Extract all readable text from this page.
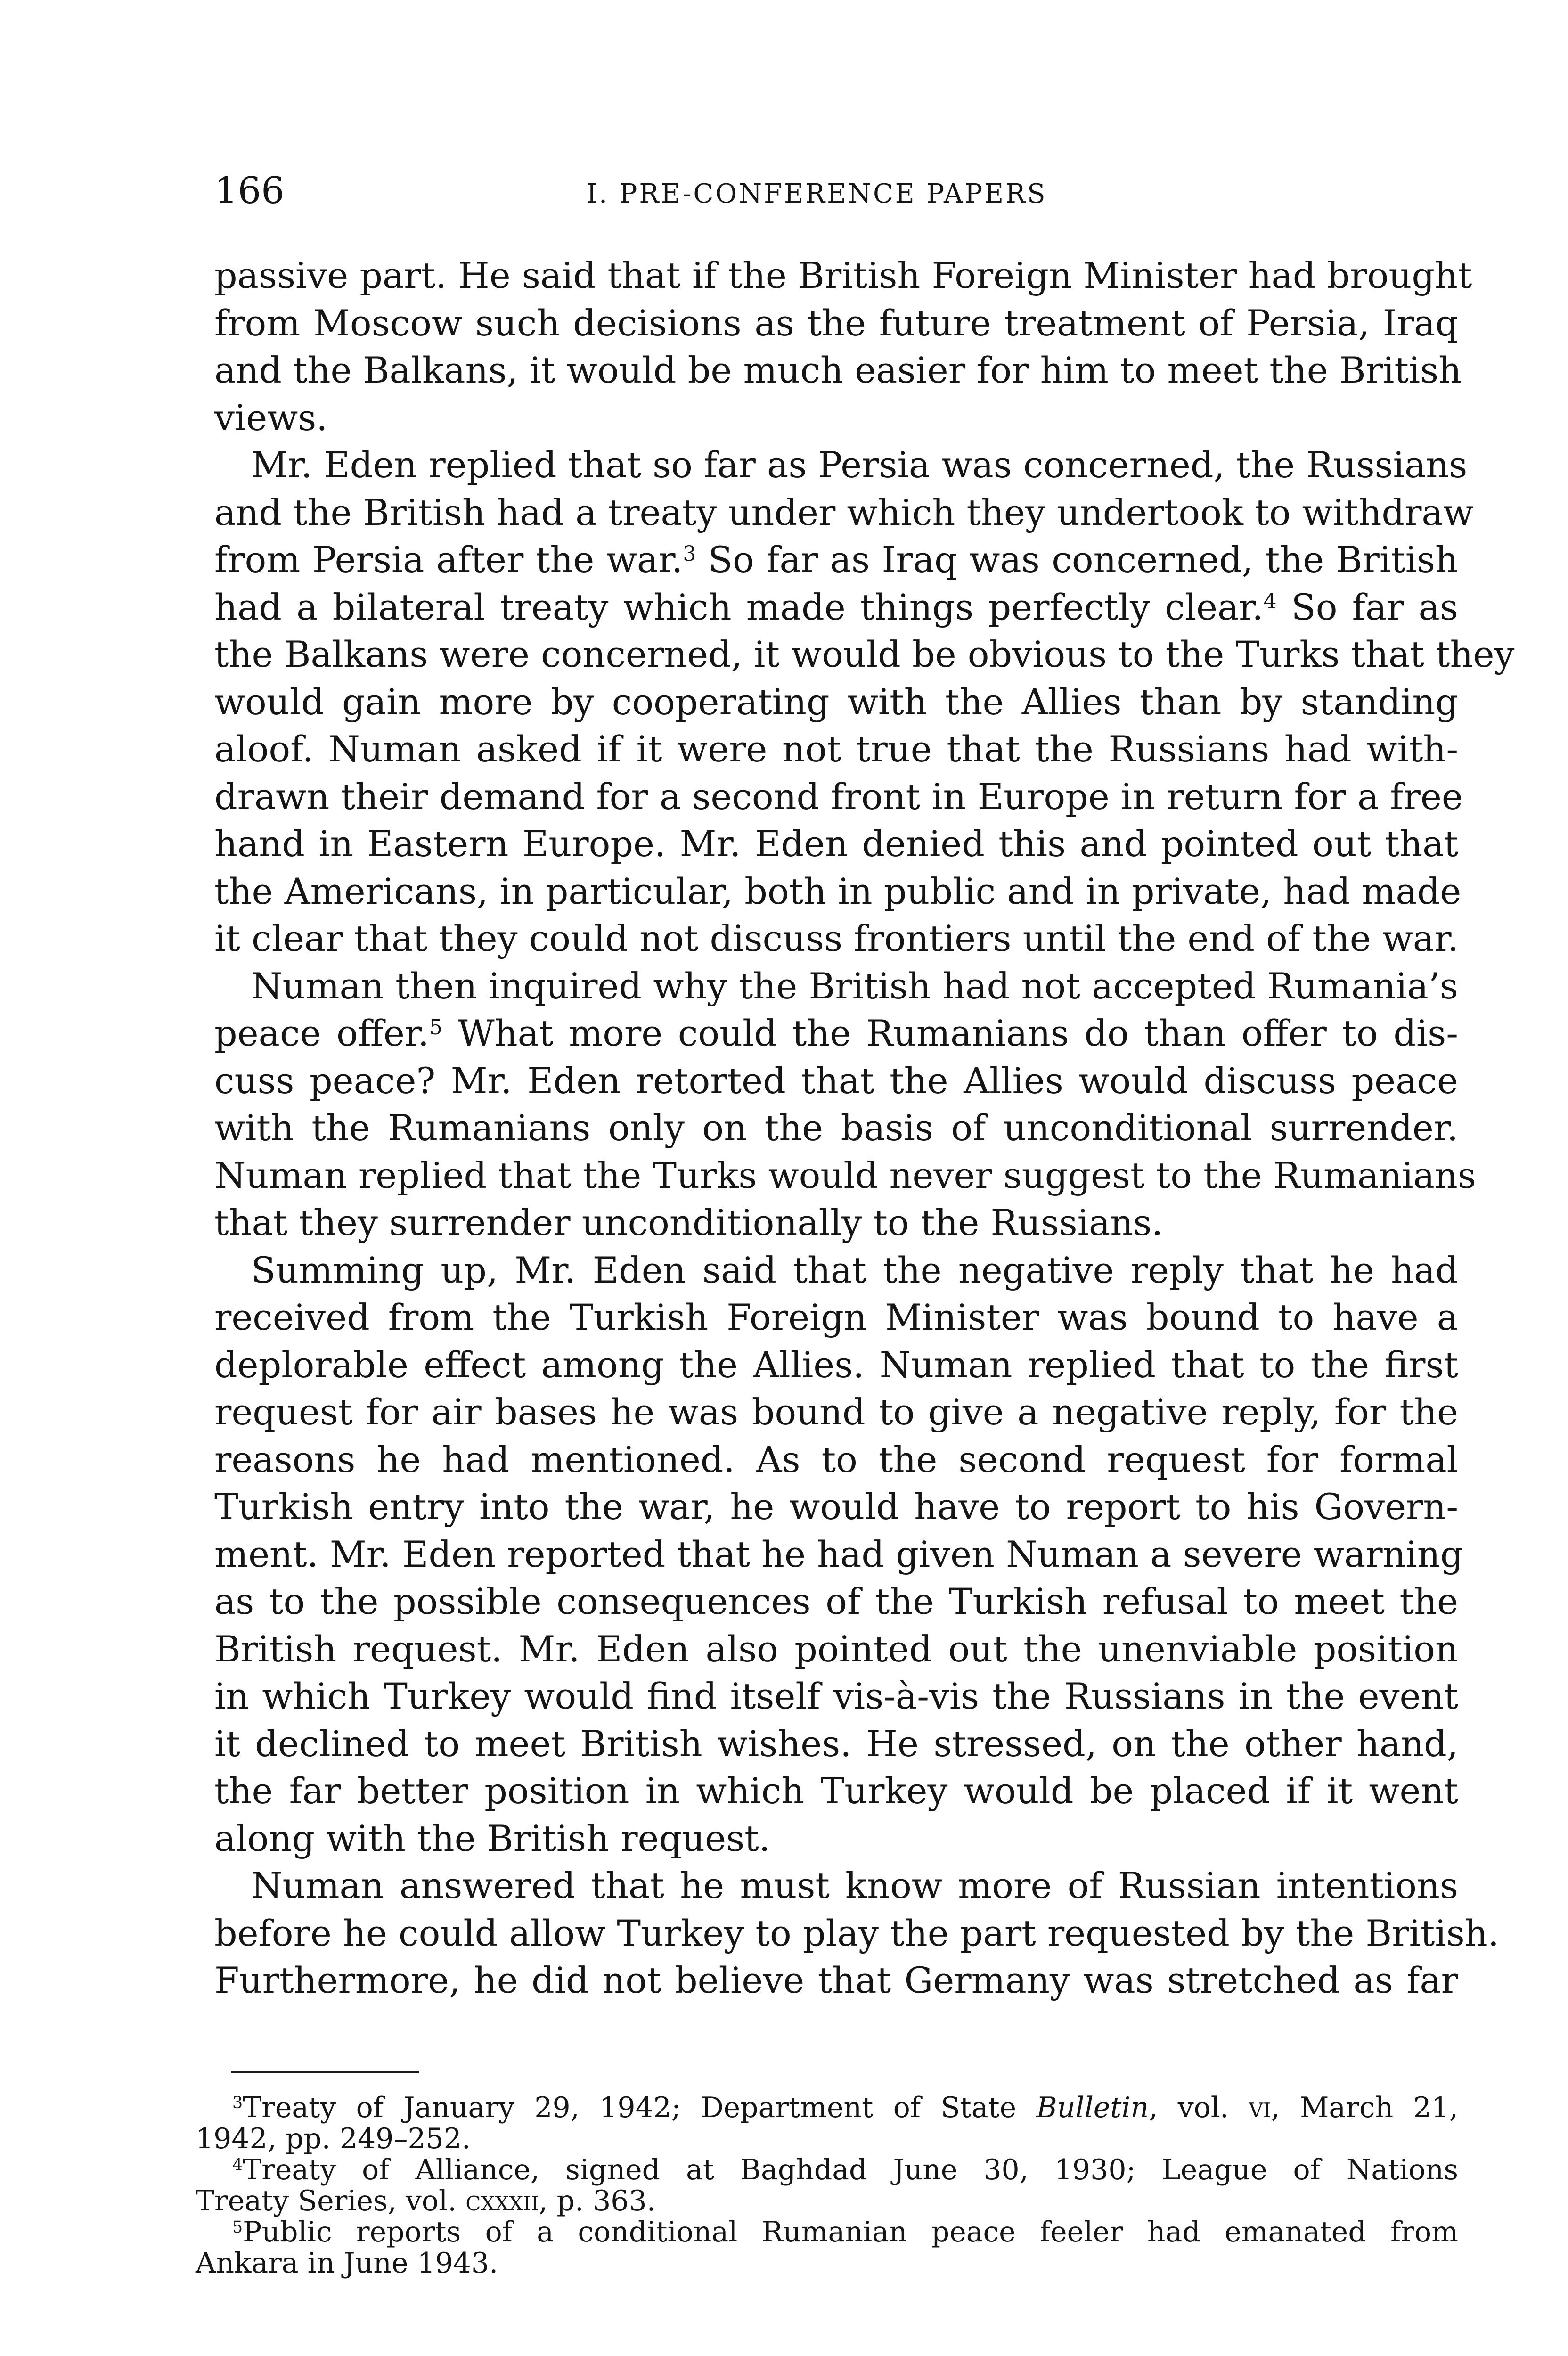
166	I. PRE-CONFERENCE PAPERS
passive part. He said that if the British Foreign Minister had brought
from Moscow such decisions as the future treatment of Persia, Iraq
and the Balkans, it would be much easier for him to meet the British
views.
Mr. Eden replied that so far as Persia was concerned, the Russians
and the British had a treaty under which they undertook to withdraw
from Persia after the war.$^3$ So far as Iraq was concerned, the British
had a bilateral treaty which made things perfectly clear.$^4$ So far as
the Balkans were concerned, it would be obvious to the Turks that they
would gain more by cooperating with the Allies than by standing
aloof. Numan asked if it were not true that the Russians had with-
drawn their demand for a second front in Europe in return for a free
hand in Eastern Europe. Mr. Eden denied this and pointed out that
the Americans, in particular, both in public and in private, had made
it clear that they could not discuss frontiers until the end of the war.
Numan then inquired why the British had not accepted Rumania’s
peace offer.$^5$ What more could the Rumanians do than offer to dis-
cuss peace? Mr. Eden retorted that the Allies would discuss peace
with the Rumanians only on the basis of unconditional surrender.
Numan replied that the Turks would never suggest to the Rumanians
that they surrender unconditionally to the Russians.
Summing up, Mr. Eden said that the negative reply that he had
received from the Turkish Foreign Minister was bound to have a
deplorable effect among the Allies. Numan replied that to the first
request for air bases he was bound to give a negative reply, for the
reasons he had mentioned. As to the second request for formal
Turkish entry into the war, he would have to report to his Govern-
ment. Mr. Eden reported that he had given Numan a severe warning
as to the possible consequences of the Turkish refusal to meet the
British request. Mr. Eden also pointed out the unenviable position
in which Turkey would find itself vis-à-vis the Russians in the event
it declined to meet British wishes. He stressed, on the other hand,
the far better position in which Turkey would be placed if it went
along with the British request.
Numan answered that he must know more of Russian intentions
before he could allow Turkey to play the part requested by the British.
Furthermore, he did not believe that Germany was stretched as far
$^3$Treaty of January 29, 1942; Department of State Bulletin, vol. vi, March 21,
1942, pp. 249–252.
$^4$Treaty of Alliance, signed at Baghdad June 30, 1930; League of Nations
Treaty Series, vol. cxxxii, p. 363.
$^5$Public reports of a conditional Rumanian peace feeler had emanated from
Ankara in June 1943.
